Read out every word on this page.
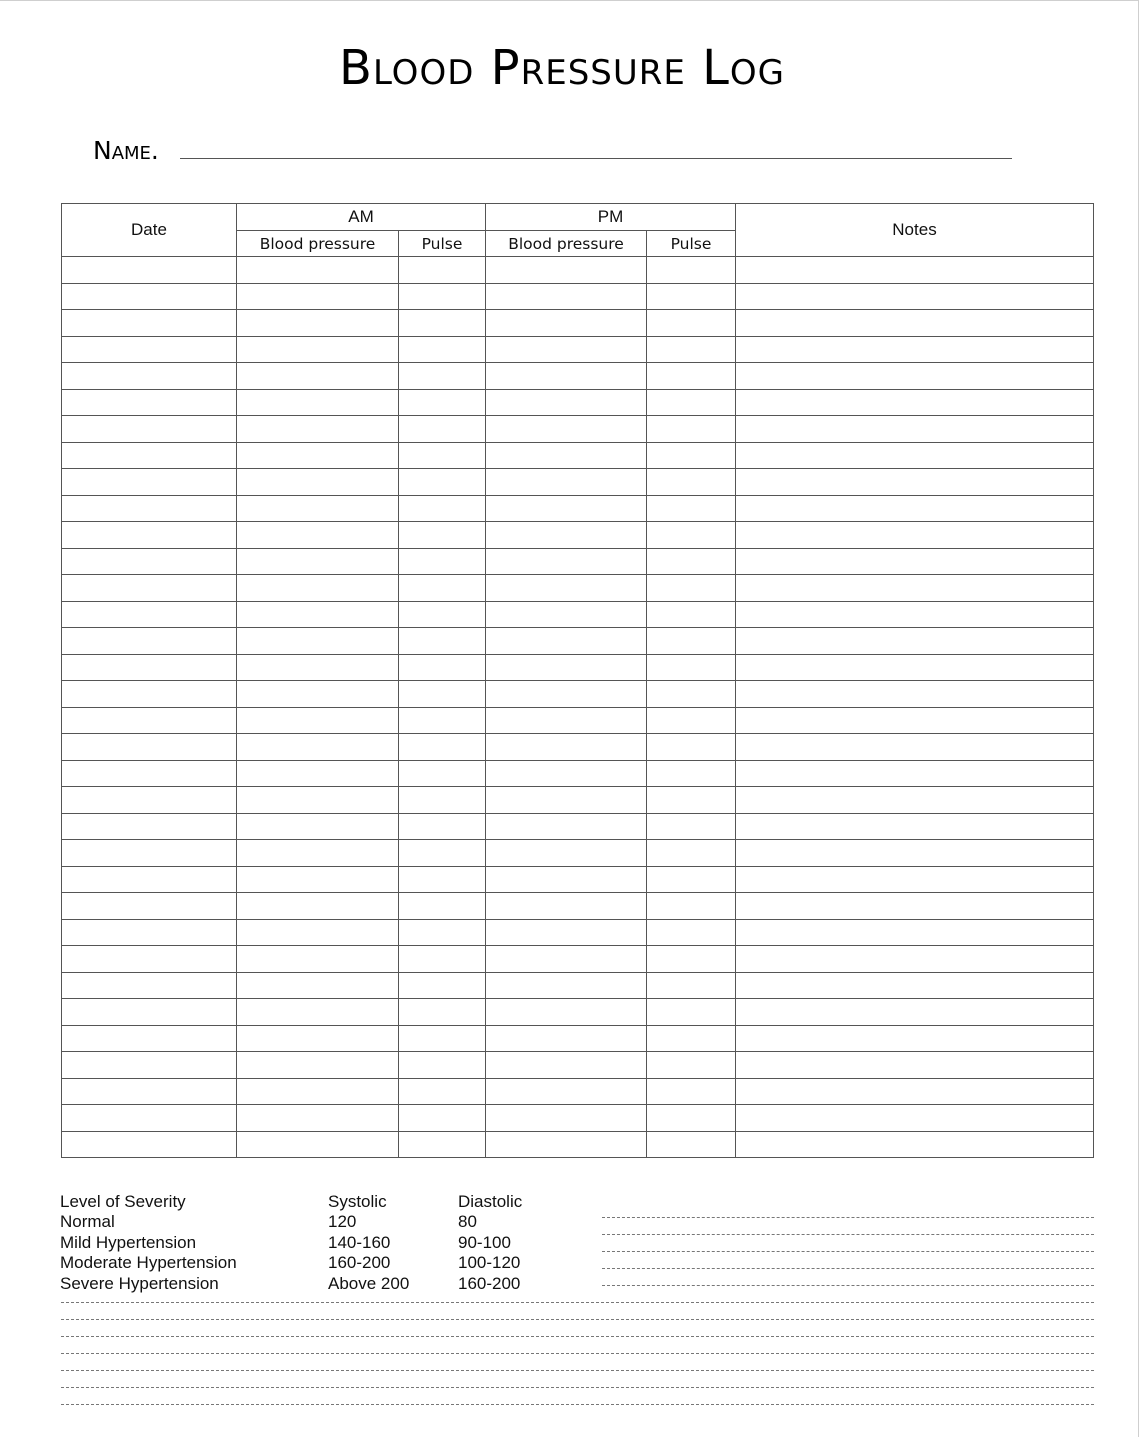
Blood Pressure Log
Name.
Date	AM		PM		Notes
	Blood pressure	Pulse	Blood pressure	Pulse	

Level of Severity	Systolic	Diastolic
Normal	120	80
Mild Hypertension	140-160	90-100
Moderate Hypertension	160-200	100-120
Severe Hypertension	Above 200	160-200
